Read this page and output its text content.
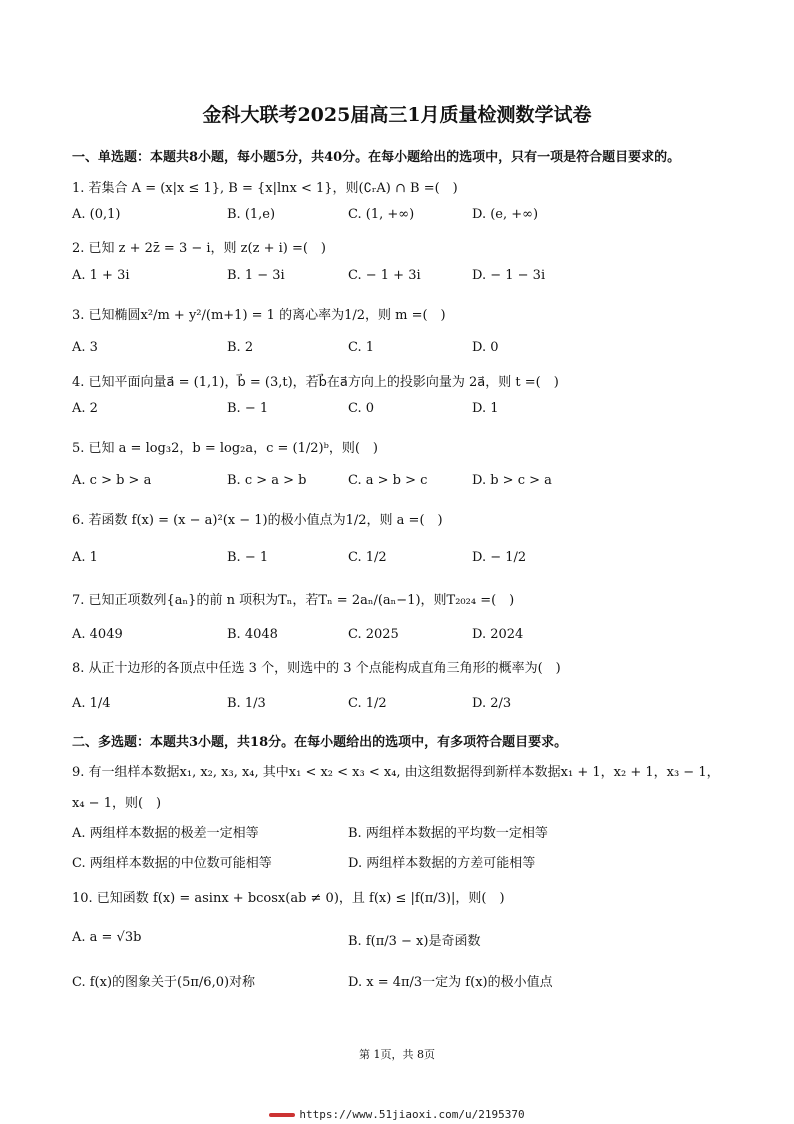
金科大联考2025届高三1月质量检测数学试卷
一、单选题：本题共8小题，每小题5分，共40分。在每小题给出的选项中，只有一项是符合题目要求的。
1. 若集合 A = (x|x ≤ 1}, B = {x|lnx < 1}，则(∁ᵣA) ∩ B =(　)
A. (0,1)	B. (1,e)	C. (1, +∞)	D. (e, +∞)
2. 已知 z + 2z̄ = 3 − i，则 z(z + i) =(　)
A. 1 + 3i	B. 1 − 3i	C. − 1 + 3i	D. − 1 − 3i
3. 已知椭圆x²/m + y²/(m+1) = 1 的离心率为1/2，则 m =(　)
A. 3	B. 2	C. 1	D. 0
4. 已知平面向量a⃗ = (1,1)，b⃗ = (3,t)，若b⃗在a⃗方向上的投影向量为 2a⃗，则 t =(　)
A. 2	B. − 1	C. 0	D. 1
5. 已知 a = log₃2，b = log₂a，c = (1/2)ᵇ，则(　)
A. c > b > a	B. c > a > b	C. a > b > c	D. b > c > a
6. 若函数 f(x) = (x − a)²(x − 1)的极小值点为1/2，则 a =(　)
A. 1	B. − 1	C. 1/2	D. − 1/2
7. 已知正项数列{aₙ}的前 n 项积为Tₙ，若Tₙ = 2aₙ/(aₙ−1)，则T₂₀₂₄ =(　)
A. 4049	B. 4048	C. 2025	D. 2024
8. 从正十边形的各顶点中任选 3 个，则选中的 3 个点能构成直角三角形的概率为(　)
A. 1/4	B. 1/3	C. 1/2	D. 2/3
二、多选题：本题共3小题，共18分。在每小题给出的选项中，有多项符合题目要求。
9. 有一组样本数据x₁, x₂, x₃, x₄, 其中x₁ < x₂ < x₃ < x₄, 由这组数据得到新样本数据x₁ + 1，x₂ + 1，x₃ − 1，
x₄ − 1，则(　)
A. 两组样本数据的极差一定相等	B. 两组样本数据的平均数一定相等
C. 两组样本数据的中位数可能相等	D. 两组样本数据的方差可能相等
10. 已知函数 f(x) = asinx + bcosx(ab ≠ 0)，且 f(x) ≤ |f(π/3)|，则(　)
A. a = √3b	B. f(π/3 − x)是奇函数
C. f(x)的图象关于(5π/6,0)对称	D. x = 4π/3一定为 f(x)的极小值点
第 1页，共 8页
https://www.51jiaoxi.com/u/2195370
